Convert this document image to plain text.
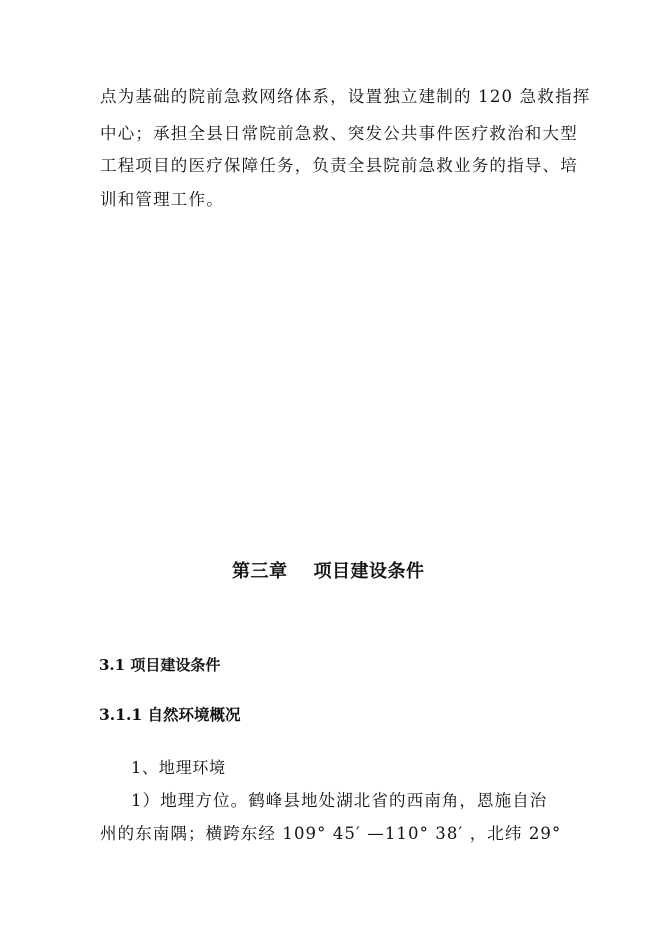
点为基础的院前急救网络体系，设置独立建制的 120 急救指挥
中心；承担全县日常院前急救、突发公共事件医疗救治和大型
工程项目的医疗保障任务，负责全县院前急救业务的指导、培
训和管理工作。
第三章 项目建设条件
3.1 项目建设条件
3.1.1 自然环境概况
1、地理环境
1）地理方位。鹤峰县地处湖北省的西南角，恩施自治
州的东南隅；横跨东经 109° 45′ —110° 38′ ，北纬 29°
